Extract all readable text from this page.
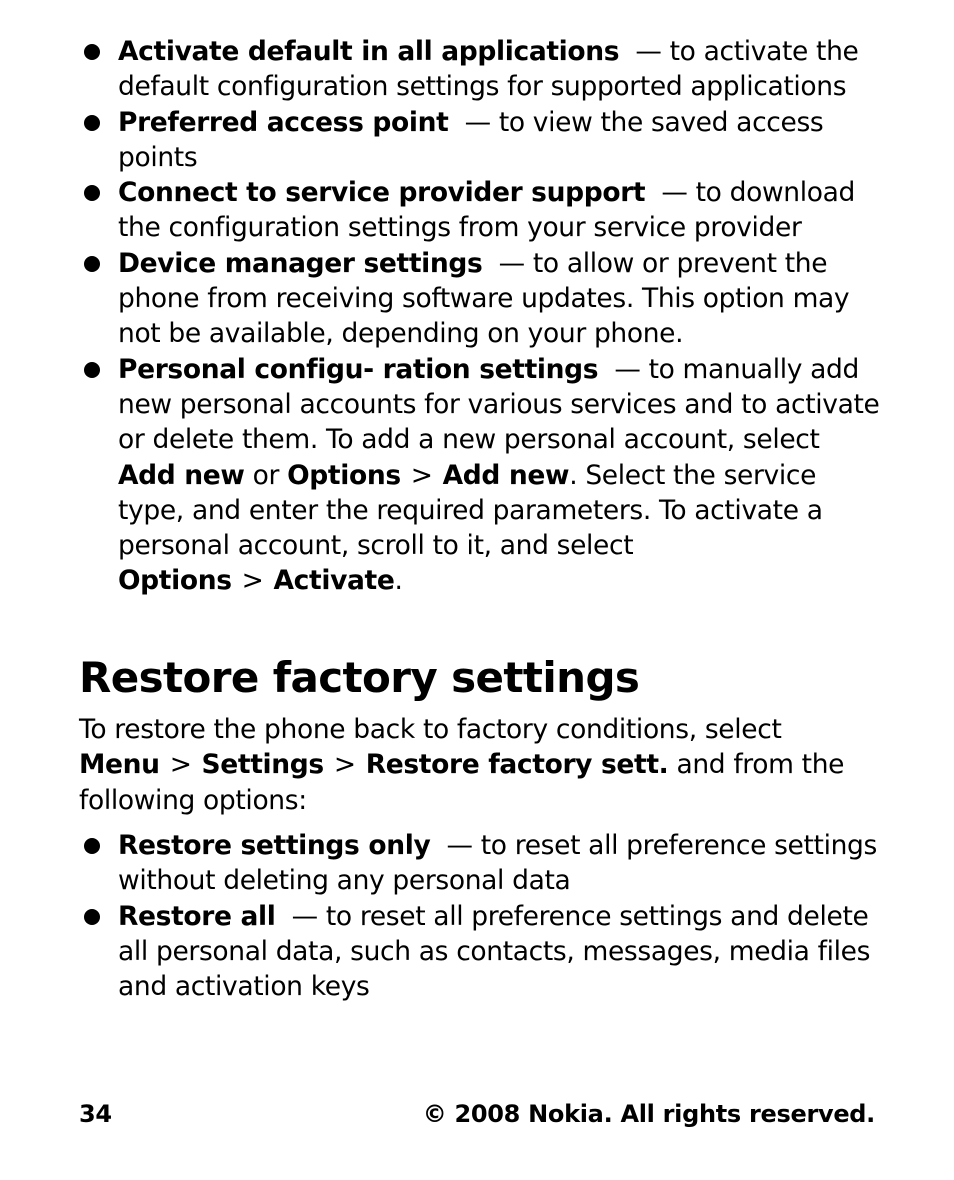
Activate default in all applications — to activate the default configuration settings for supported applications
Preferred access point — to view the saved access points
Connect to service provider support — to download the configuration settings from your service provider
Device manager settings — to allow or prevent the phone from receiving software updates. This option may not be available, depending on your phone.
Personal configu- ration settings — to manually add new personal accounts for various services and to activate or delete them. To add a new personal account, select Add new or Options > Add new. Select the service type, and enter the required parameters. To activate a personal account, scroll to it, and select Options > Activate.
Restore factory settings

To restore the phone back to factory conditions, select
Menu > Settings > Restore factory sett. and from the following options:

Restore settings only — to reset all preference settings without deleting any personal data
Restore all — to reset all preference settings and delete all personal data, such as contacts, messages, media files and activation keys
34	© 2008 Nokia. All rights reserved.
